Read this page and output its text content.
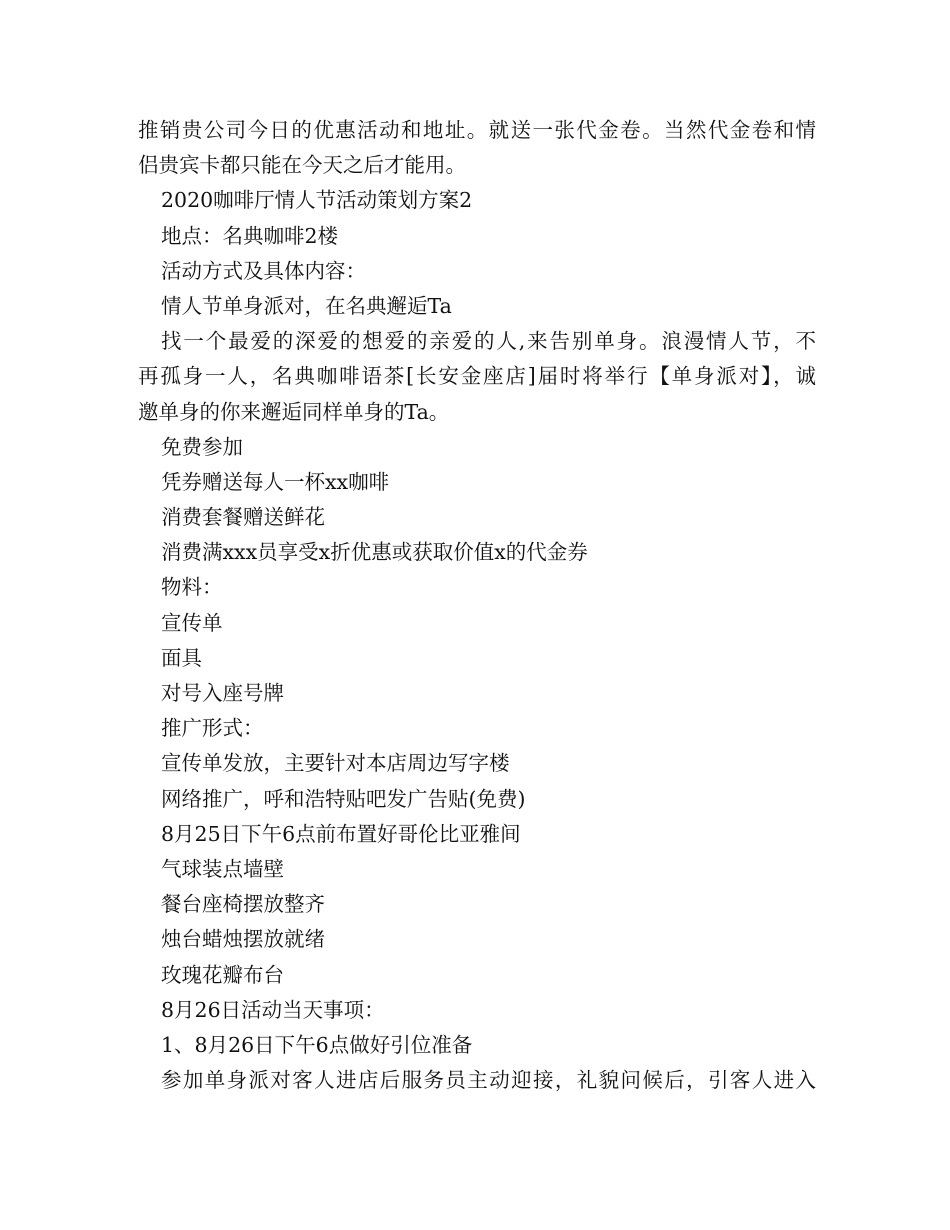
推销贵公司今日的优惠活动和地址。就送一张代金卷。当然代金卷和情
侣贵宾卡都只能在今天之后才能用。
2020咖啡厅情人节活动策划方案2
地点：名典咖啡2楼
活动方式及具体内容：
情人节单身派对，在名典邂逅Ta
找一个最爱的深爱的想爱的亲爱的人,来告别单身。浪漫情人节，不
再孤身一人，名典咖啡语茶[长安金座店]届时将举行【单身派对】，诚
邀单身的你来邂逅同样单身的Ta。
免费参加
凭券赠送每人一杯xx咖啡
消费套餐赠送鲜花
消费满xxx员享受x折优惠或获取价值x的代金券
物料：
宣传单
面具
对号入座号牌
推广形式：
宣传单发放，主要针对本店周边写字楼
网络推广，呼和浩特贴吧发广告贴(免费)
8月25日下午6点前布置好哥伦比亚雅间
气球装点墙壁
餐台座椅摆放整齐
烛台蜡烛摆放就绪
玫瑰花瓣布台
8月26日活动当天事项：
1、8月26日下午6点做好引位准备
参加单身派对客人进店后服务员主动迎接，礼貌问候后，引客人进入
